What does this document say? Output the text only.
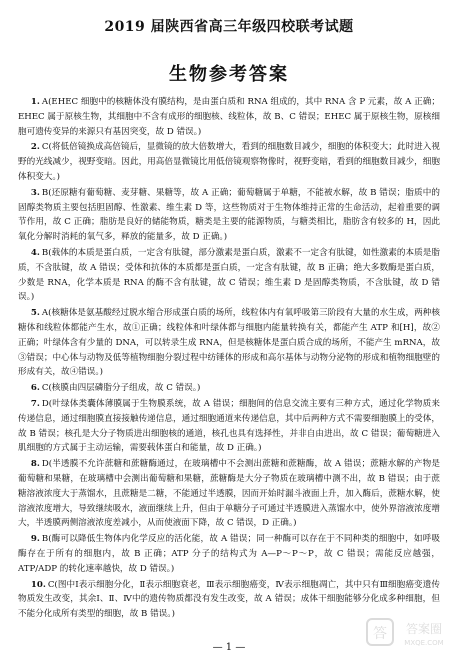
2019 届陕西省高三年级四校联考试题
生物参考答案

1. A(EHEC 细胞中的核糖体没有膜结构，是由蛋白质和 RNA 组成的，其中 RNA 含 P 元素，故 A 正确；EHEC 属于原核生物，其细胞中不含有成形的细胞核、线粒体，故 B、C 错误；EHEC 属于原核生物，原核细胞可遗传变异的来源只有基因突变，故 D 错误。)

2. C(将低倍镜换成高倍镜后，显微镜的放大倍数增大，看到的细胞数目减少，细胞的体积变大；此时进入视野的光线减少，视野变暗。因此，用高倍显微镜比用低倍镜观察物像时，视野变暗，看到的细胞数目减少，细胞体积变大。)

3. B(还原糖有葡萄糖、麦芽糖、果糖等，故 A 正确；葡萄糖属于单糖，不能被水解，故 B 错误；脂质中的固醇类物质主要包括胆固醇、性激素、维生素 D 等，这些物质对于生物体维持正常的生命活动，起着重要的调节作用，故 C 正确；脂肪是良好的储能物质，糖类是主要的能源物质，与糖类相比，脂肪含有较多的 H，因此氧化分解时消耗的氧气多，释放的能量多，故 D 正确。)

4. B(载体的本质是蛋白质，一定含有肽键，部分激素是蛋白质，激素不一定含有肽键，如性激素的本质是脂质，不含肽键，故 A 错误；受体和抗体的本质都是蛋白质，一定含有肽键，故 B 正确；绝大多数酶是蛋白质，少数是 RNA，化学本质是 RNA 的酶不含有肽键，故 C 错误；维生素 D 是固醇类物质，不含肽键，故 D 错误。)

5. A(核糖体是氨基酸经过脱水缩合形成蛋白质的场所，线粒体内有氧呼吸第三阶段有大量的水生成，两种核糖体和线粒体都能产生水，故①正确；线粒体和叶绿体都与细胞内能量转换有关，都能产生 ATP 和[H]，故②正确；叶绿体含有少量的 DNA，可以转录生成 RNA，但是核糖体是蛋白质合成的场所，不能产生 mRNA，故③错误；中心体与动物及低等植物细胞分裂过程中纺锤体的形成和高尔基体与动物分泌物的形成和植物细胞壁的形成有关，故④错误。)

6. C(核膜由四层磷脂分子组成，故 C 错误。)

7. D(叶绿体类囊体薄膜属于生物膜系统，故 A 错误；细胞间的信息交流主要有三种方式，通过化学物质来传递信息，通过细胞膜直接接触传递信息，通过细胞通道来传递信息，其中后两种方式不需要细胞膜上的受体，故 B 错误；核孔是大分子物质进出细胞核的通道，核孔也具有选择性，并非自由进出，故 C 错误；葡萄糖进入肌细胞的方式属于主动运输，需要载体蛋白和能量，故 D 正确。)

8. D(半透膜不允许蔗糖和蔗糖酶通过，在玻璃槽中不会测出蔗糖和蔗糖酶，故 A 错误；蔗糖水解的产物是葡萄糖和果糖，在玻璃槽中会测出葡萄糖和果糖，蔗糖酶是大分子物质在玻璃槽中测不出，故 B 错误；由于蔗糖溶液浓度大于蒸馏水，且蔗糖是二糖，不能通过半透膜，因而开始时漏斗液面上升，加入酶后，蔗糖水解，使溶液浓度增大，导致继续吸水，液面继续上升，但由于单糖分子可通过半透膜进入蒸馏水中，使外界溶液浓度增大，半透膜两侧溶液浓度差减小，从而使液面下降，故 C 错误，D 正确。)

9. B(酶可以降低生物体内化学反应的活化能，故 A 错误；同一种酶可以存在于不同种类的细胞中，如呼吸酶存在于所有的细胞内，故 B 正确；ATP 分子的结构式为 A—P～P～P，故 C 错误；需能反应越强，ATP/ADP 的转化速率越快，故 D 错误。)

10. C(图中Ⅰ表示细胞分化，Ⅱ表示细胞衰老，Ⅲ表示细胞癌变，Ⅳ表示细胞凋亡，其中只有Ⅲ细胞癌变遗传物质发生改变，其余Ⅰ、Ⅱ、Ⅳ中的遗传物质都没有发生改变，故 A 错误；成体干细胞能够分化成多种细胞，但不能分化成所有类型的细胞，故 B 错误。)

— 1 —
答 答案圈
MXQE.COM
